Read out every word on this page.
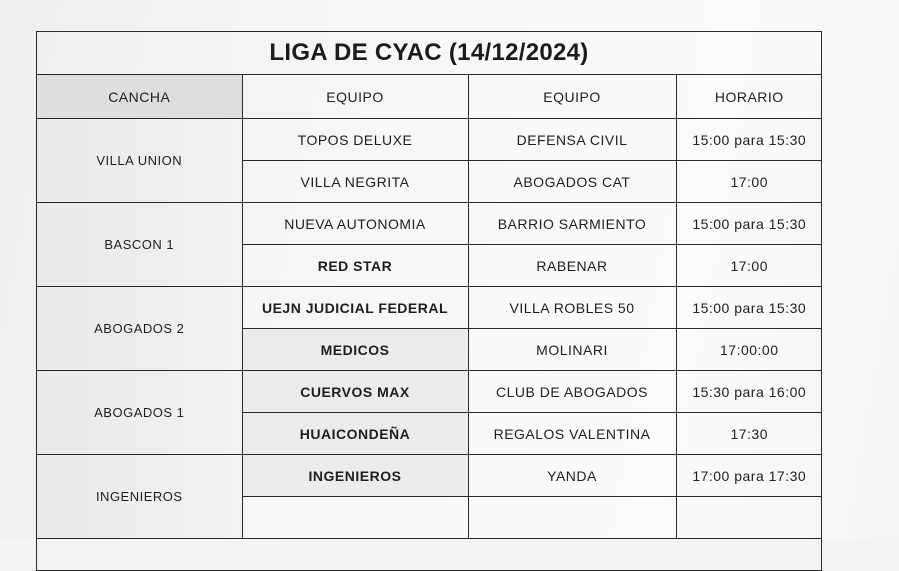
LIGA DE CYAC (14/12/2024)
CANCHA	EQUIPO	EQUIPO	HORARIO
VILLA UNION	TOPOS DELUXE	DEFENSA CIVIL	15:00 para 15:30
	VILLA NEGRITA	ABOGADOS CAT	17:00
BASCON 1	NUEVA AUTONOMIA	BARRIO SARMIENTO	15:00 para 15:30
	RED STAR	RABENAR	17:00
ABOGADOS 2	UEJN JUDICIAL FEDERAL	VILLA ROBLES 50	15:00 para 15:30
	MEDICOS	MOLINARI	17:00:00
ABOGADOS 1	CUERVOS MAX	CLUB DE ABOGADOS	15:30 para 16:00
	HUAICONDEÑA	REGALOS VALENTINA	17:30
INGENIEROS	INGENIEROS	YANDA	17:00 para 17:30
